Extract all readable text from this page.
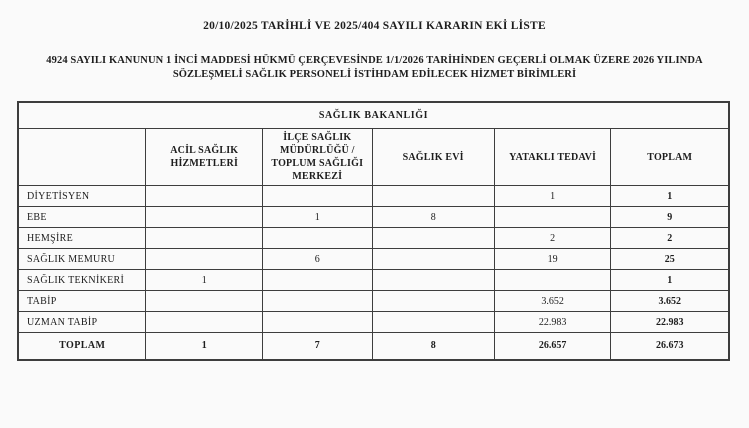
20/10/2025 TARİHLİ VE 2025/404 SAYILI KARARIN EKİ LİSTE
4924 SAYILI KANUNUN 1 İNCİ MADDESİ HÜKMÜ ÇERÇEVESİNDE 1/1/2026 TARİHİNDEN GEÇERLİ OLMAK ÜZERE 2026 YILINDA
SÖZLEŞMELİ SAĞLIK PERSONELİ İSTİHDAM EDİLECEK HİZMET BİRİMLERİ
SAĞLIK BAKANLIĞI					
	ACİL SAĞLIK HİZMETLERİ	İLÇE SAĞLIK MÜDÜRLÜĞÜ / TOPLUM SAĞLIĞI MERKEZİ	SAĞLIK EVİ	YATAKLI TEDAVİ	TOPLAM
DİYETİSYEN				1	1
EBE		1	8		9
HEMŞİRE				2	2
SAĞLIK MEMURU		6		19	25
SAĞLIK TEKNİKERİ	1				1
TABİP				3.652	3.652
UZMAN TABİP				22.983	22.983
TOPLAM	1	7	8	26.657	26.673
